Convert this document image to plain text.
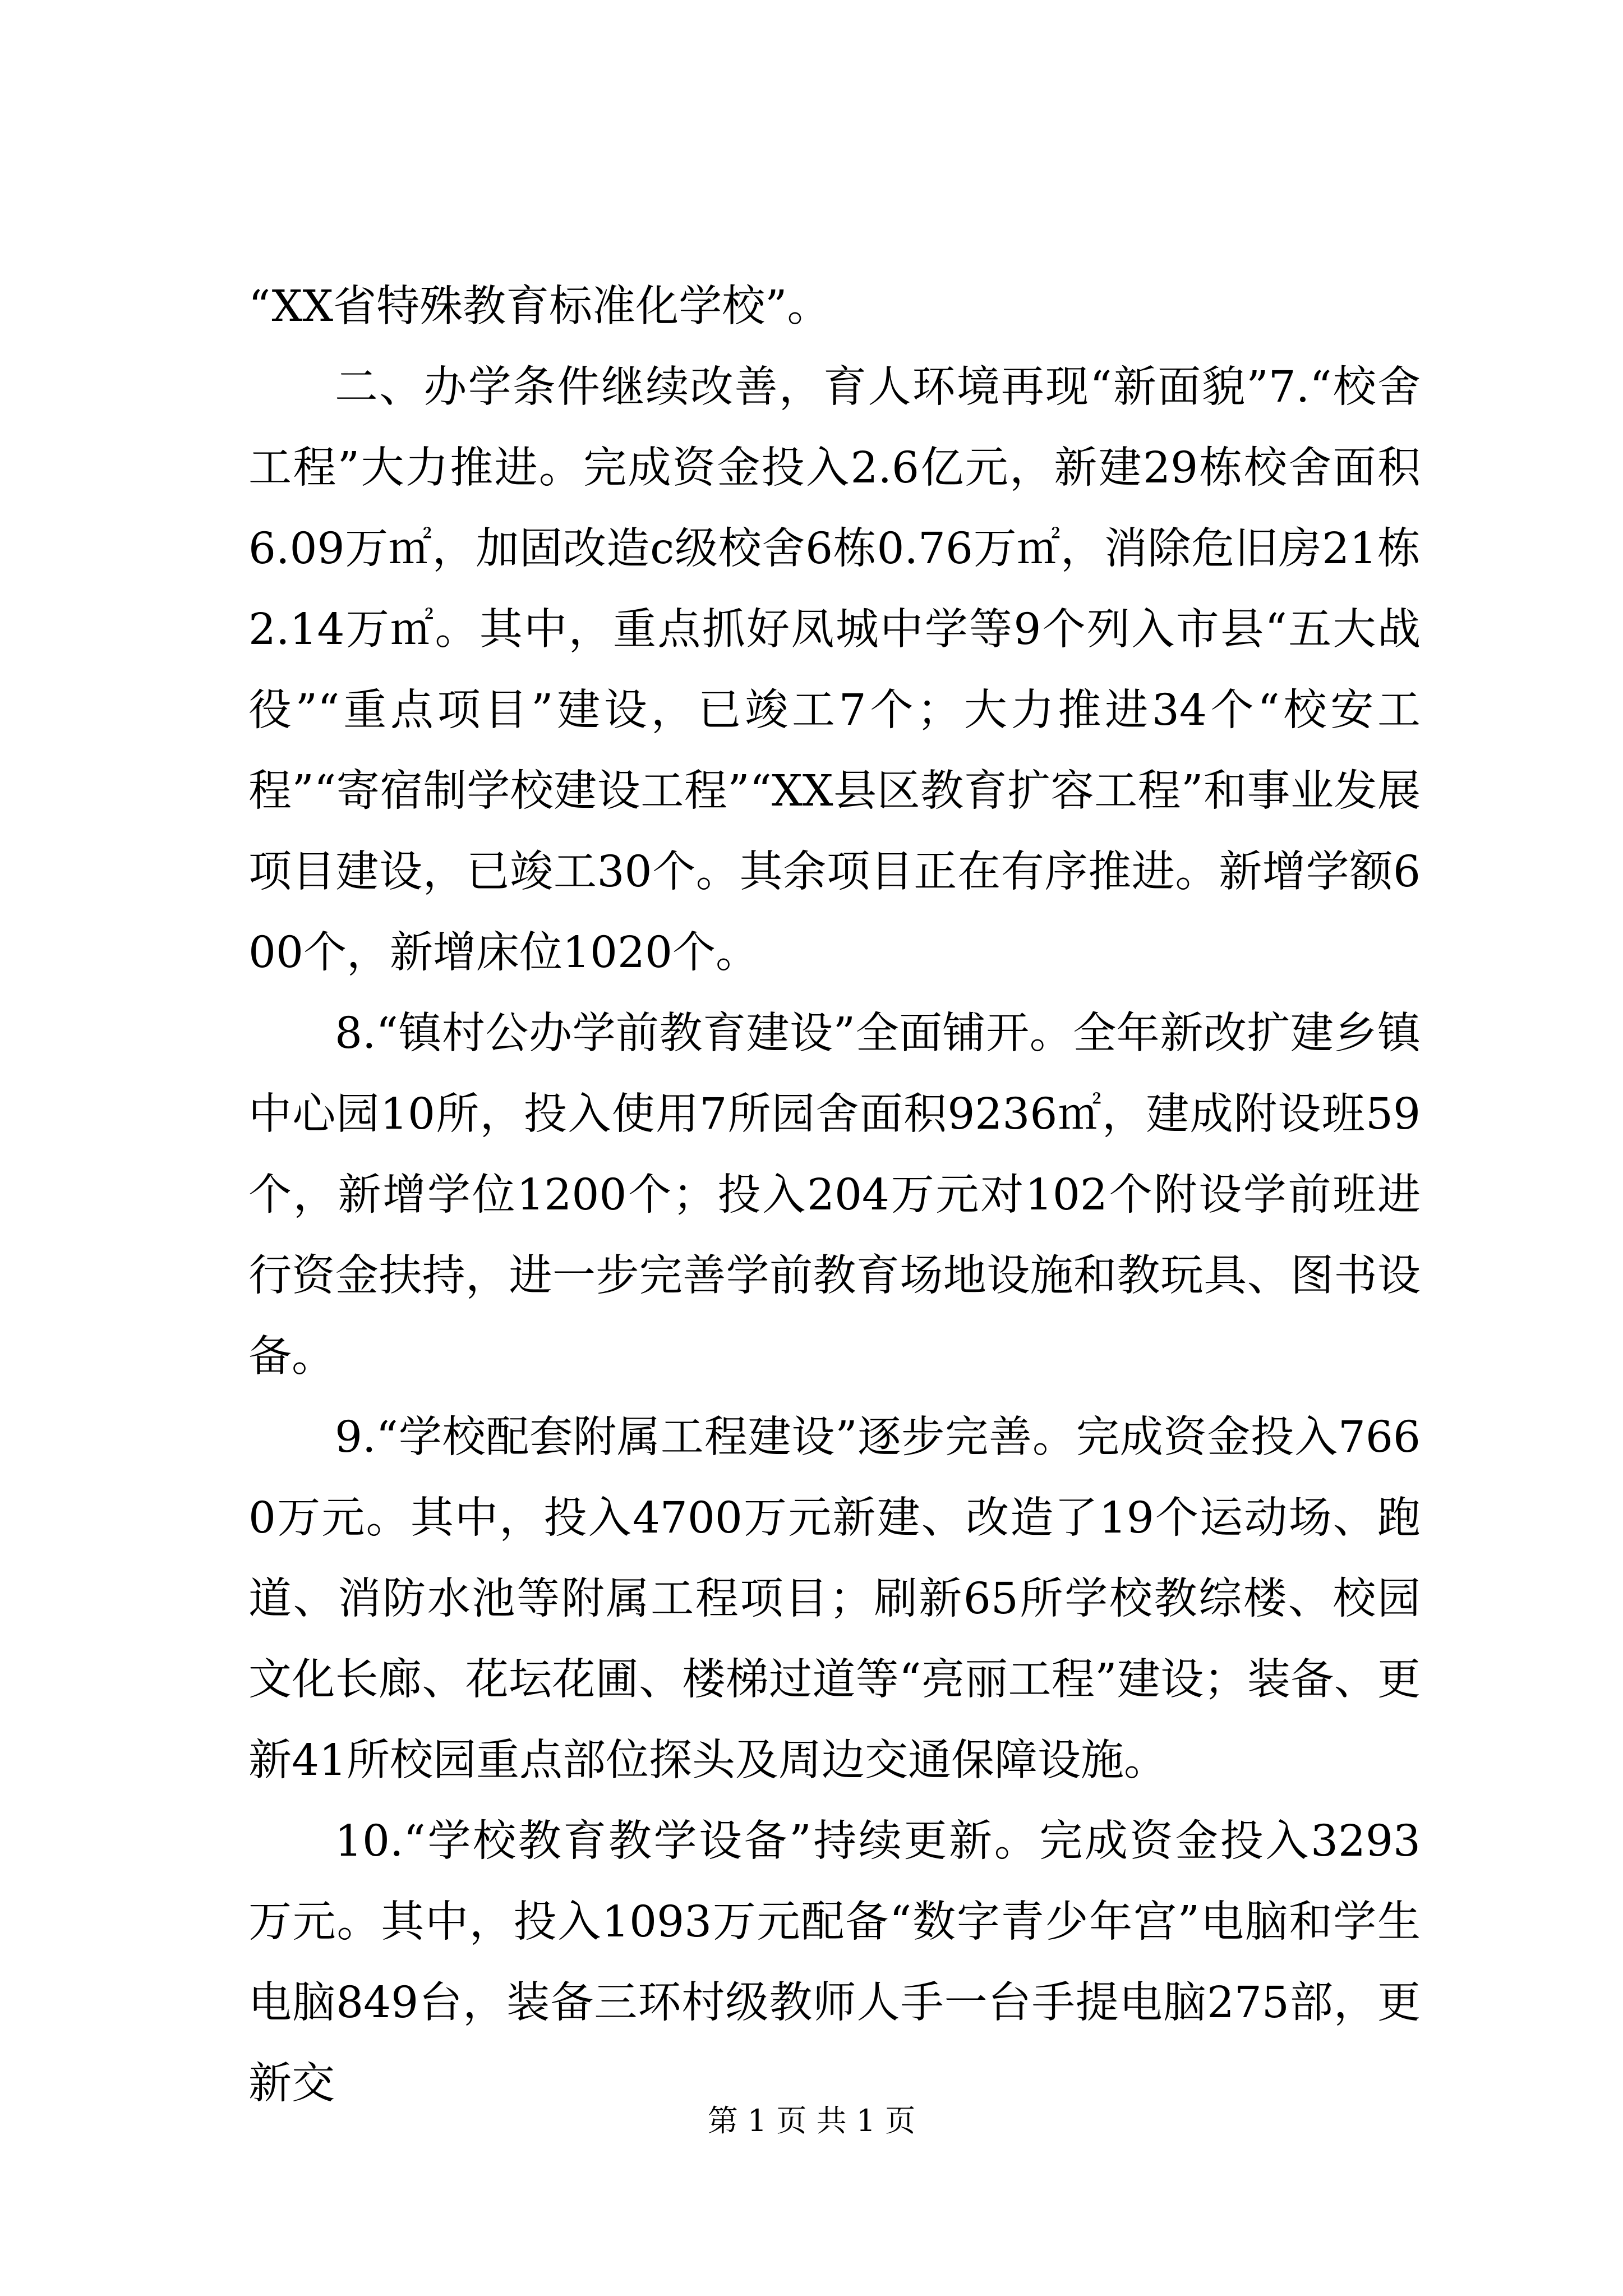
“XX省特殊教育标准化学校”。

二、办学条件继续改善，育人环境再现“新面貌”7.“校舍工程”大力推进。完成资金投入2.6亿元，新建29栋校舍面积6.09万㎡，加固改造c级校舍6栋0.76万㎡，消除危旧房21栋2.14万㎡。其中，重点抓好凤城中学等9个列入市县“五大战役”“重点项目”建设，已竣工7个；大力推进34个“校安工程”“寄宿制学校建设工程”“XX县区教育扩容工程”和事业发展项目建设，已竣工30个。其余项目正在有序推进。新增学额600个，新增床位1020个。

8.“镇村公办学前教育建设”全面铺开。全年新改扩建乡镇中心园10所，投入使用7所园舍面积9236㎡，建成附设班59个，新增学位1200个；投入204万元对102个附设学前班进行资金扶持，进一步完善学前教育场地设施和教玩具、图书设备。

9.“学校配套附属工程建设”逐步完善。完成资金投入7660万元。其中，投入4700万元新建、改造了19个运动场、跑道、消防水池等附属工程项目；刷新65所学校教综楼、校园文化长廊、花坛花圃、楼梯过道等“亮丽工程”建设；装备、更新41所校园重点部位探头及周边交通保障设施。

10.“学校教育教学设备”持续更新。完成资金投入3293万元。其中，投入1093万元配备“数字青少年宫”电脑和学生电脑849台，装备三环村级教师人手一台手提电脑275部，更新交

第 1 页 共 1 页
